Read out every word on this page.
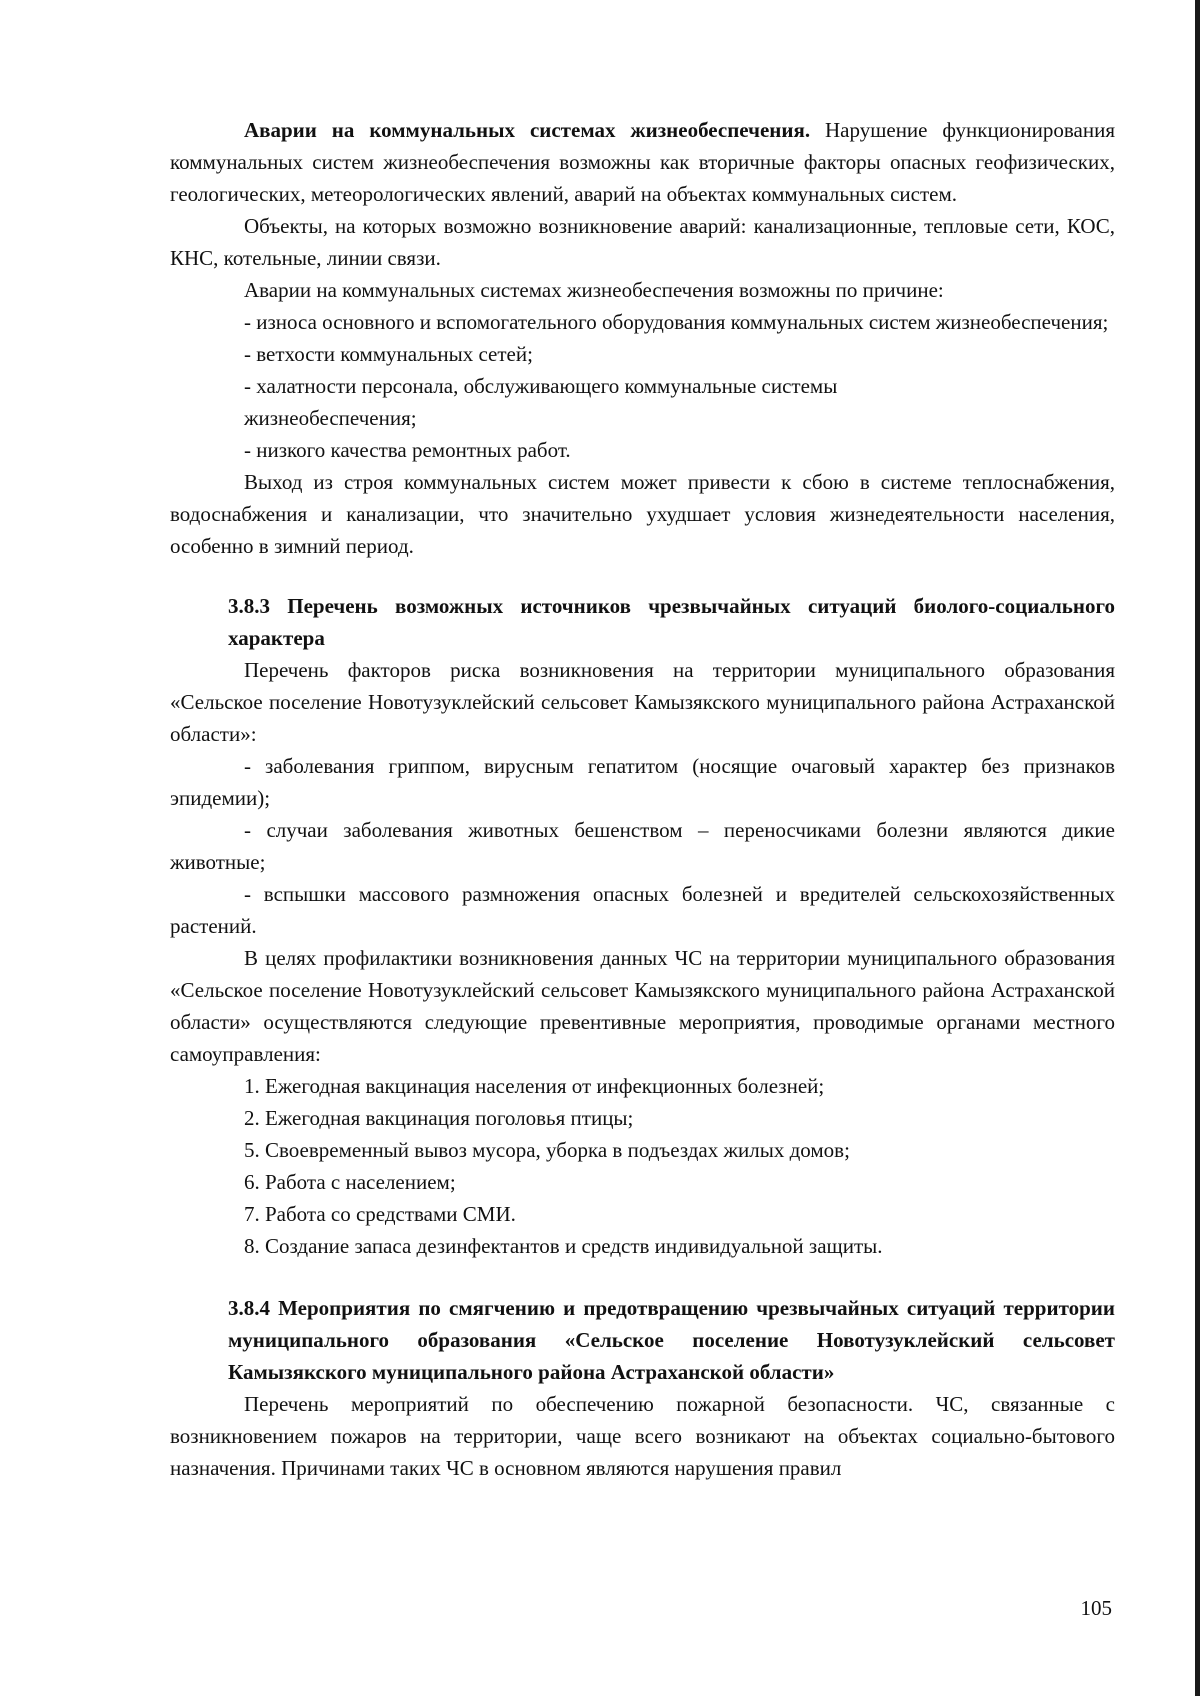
Аварии на коммунальных системах жизнеобеспечения. Нарушение функционирования коммунальных систем жизнеобеспечения возможны как вторичные факторы опасных геофизических, геологических, метеорологических явлений, аварий на объектах коммунальных систем.

Объекты, на которых возможно возникновение аварий: канализационные, тепловые сети, КОС, КНС, котельные, линии связи.

Аварии на коммунальных системах жизнеобеспечения возможны по причине:

- износа основного и вспомогательного оборудования коммунальных систем жизнеобеспечения;

- ветхости коммунальных сетей;

- халатности персонала, обслуживающего коммунальные системы

жизнеобеспечения;

- низкого качества ремонтных работ.

Выход из строя коммунальных систем может привести к сбою в системе теплоснабжения, водоснабжения и канализации, что значительно ухудшает условия жизнедеятельности населения, особенно в зимний период.

3.8.3 Перечень возможных источников чрезвычайных ситуаций биолого-социального характера

Перечень факторов риска возникновения на территории муниципального образования «Сельское поселение Новотузуклейский сельсовет Камызякского муниципального района Астраханской области»:

- заболевания гриппом, вирусным гепатитом (носящие очаговый характер без признаков эпидемии);

- случаи заболевания животных бешенством – переносчиками болезни являются дикие животные;

- вспышки массового размножения опасных болезней и вредителей сельскохозяйственных растений.

В целях профилактики возникновения данных ЧС на территории муниципального образования «Сельское поселение Новотузуклейский сельсовет Камызякского муниципального района Астраханской области» осуществляются следующие превентивные мероприятия, проводимые органами местного самоуправления:

1. Ежегодная вакцинация населения от инфекционных болезней;

2. Ежегодная вакцинация поголовья птицы;

5. Своевременный вывоз мусора, уборка в подъездах жилых домов;

6. Работа с населением;

7. Работа со средствами СМИ.

8. Создание запаса дезинфектантов и средств индивидуальной защиты.

3.8.4 Мероприятия по смягчению и предотвращению чрезвычайных ситуаций территории муниципального образования «Сельское поселение Новотузуклейский сельсовет Камызякского муниципального района Астраханской области»

Перечень мероприятий по обеспечению пожарной безопасности. ЧС, связанные с возникновением пожаров на территории, чаще всего возникают на объектах социально-бытового назначения. Причинами таких ЧС в основном являются нарушения правил

105
